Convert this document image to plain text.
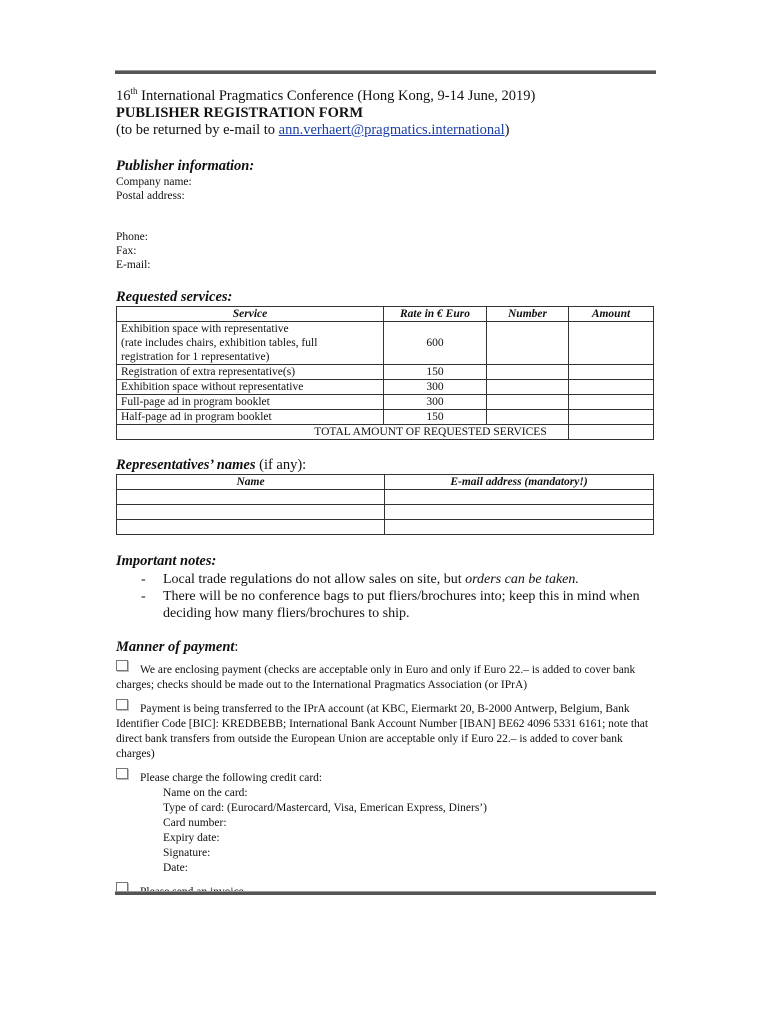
16th International Pragmatics Conference (Hong Kong, 9-14 June, 2019)
PUBLISHER REGISTRATION FORM
(to be returned by e-mail to ann.verhaert@pragmatics.international)
Publisher information:
Company name:
Postal address:
Phone:
Fax:
E-mail:
Requested services:
Service	Rate in € Euro	Number	Amount

Exhibition space with representative
(rate includes chairs, exhibition tables, full
registration for 1 representative)	600		
Registration of extra representative(s)	150		
Exhibition space without representative	300		
Full-page ad in program booklet	300		
Half-page ad in program booklet	150		
TOTAL AMOUNT OF REQUESTED SERVICES			
Representatives’ names (if any):
Name	E-mail address (mandatory!)

Important notes:
- Local trade regulations do not allow sales on site, but orders can be taken.
- There will be no conference bags to put fliers/brochures into; keep this in mind when deciding how many fliers/brochures to ship.
Manner of payment:
We are enclosing payment (checks are acceptable only in Euro and only if Euro 22.– is added to cover bank charges; checks should be made out to the International Pragmatics Association (or IPrA)
Payment is being transferred to the IPrA account (at KBC, Eiermarkt 20, B-2000 Antwerp, Belgium, Bank Identifier Code [BIC]: KREDBEBB; International Bank Account Number [IBAN] BE62 4096 5331 6161; note that direct bank transfers from outside the European Union are acceptable only if Euro 22.– is added to cover bank charges)
Please charge the following credit card:
Name on the card:
Type of card: (Eurocard/Mastercard, Visa, Emerican Express, Diners’)
Card number:
Expiry date:
Signature:
Date:
